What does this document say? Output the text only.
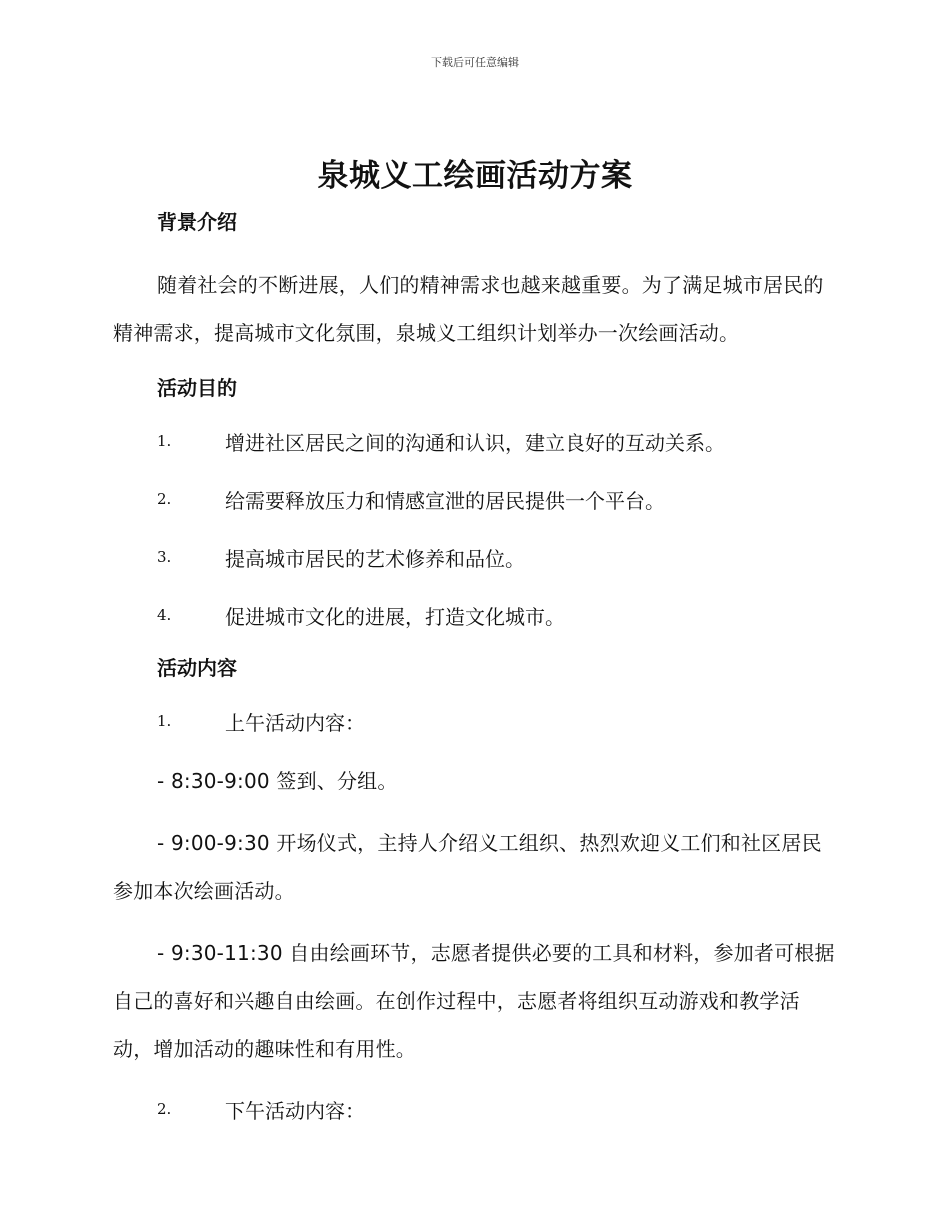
下载后可任意编辑
泉城义工绘画活动方案
背景介绍

随着社会的不断进展，人们的精神需求也越来越重要。为了满足城市居民的精神需求，提高城市文化氛围，泉城义工组织计划举办一次绘画活动。

活动目的
1.	增进社区居民之间的沟通和认识，建立良好的互动关系。
2.	给需要释放压力和情感宣泄的居民提供一个平台。
3.	提高城市居民的艺术修养和品位。
4.	促进城市文化的进展，打造文化城市。
活动内容
1.	上午活动内容：

- 8:30-9:00 签到、分组。

- 9:00-9:30 开场仪式，主持人介绍义工组织、热烈欢迎义工们和社区居民参加本次绘画活动。

- 9:30-11:30 自由绘画环节，志愿者提供必要的工具和材料，参加者可根据自己的喜好和兴趣自由绘画。在创作过程中，志愿者将组织互动游戏和教学活动，增加活动的趣味性和有用性。

2.	下午活动内容：
